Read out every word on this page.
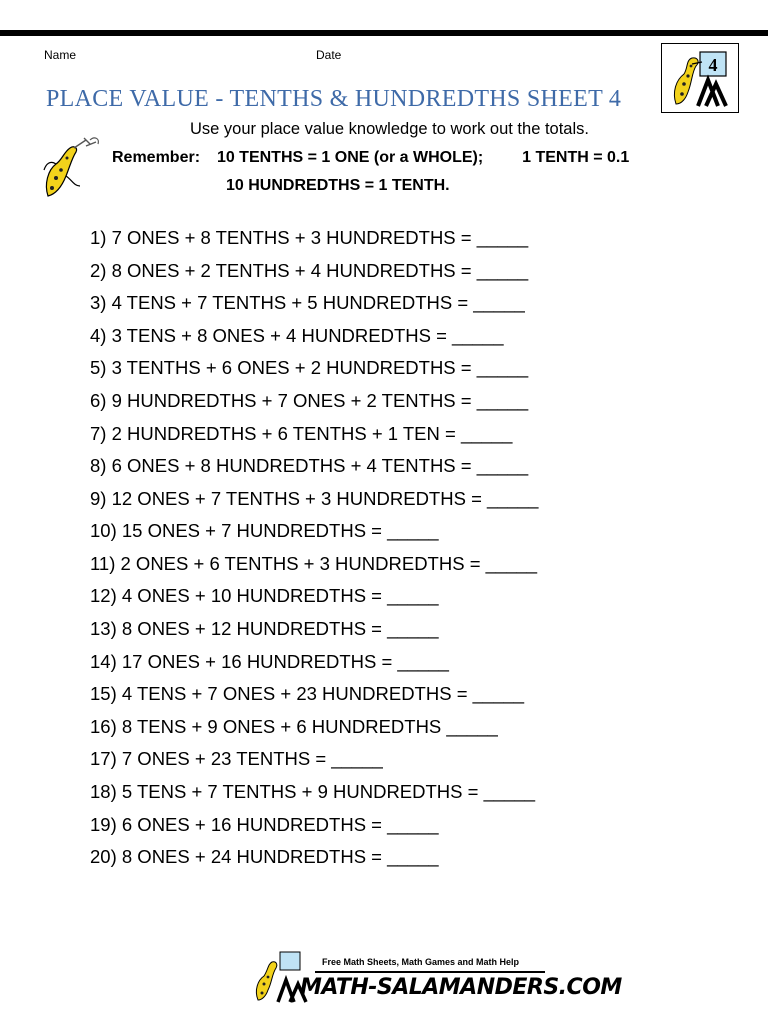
Name	Date
PLACE VALUE - TENTHS & HUNDREDTHS SHEET 4
4
Use your place value knowledge to work out the totals.
Remember: 10 TENTHS = 1 ONE (or a WHOLE); 1 TENTH = 0.1
10 HUNDREDTHS = 1 TENTH.
1) 7 ONES + 8 TENTHS + 3 HUNDREDTHS = _____
2) 8 ONES + 2 TENTHS + 4 HUNDREDTHS = _____
3) 4 TENS + 7 TENTHS + 5 HUNDREDTHS = _____
4) 3 TENS + 8 ONES + 4 HUNDREDTHS = _____
5) 3 TENTHS + 6 ONES + 2 HUNDREDTHS = _____
6) 9 HUNDREDTHS + 7 ONES + 2 TENTHS = _____
7) 2 HUNDREDTHS + 6 TENTHS + 1 TEN = _____
8) 6 ONES + 8 HUNDREDTHS + 4 TENTHS = _____
9) 12 ONES + 7 TENTHS + 3 HUNDREDTHS = _____
10) 15 ONES + 7 HUNDREDTHS = _____
11) 2 ONES + 6 TENTHS + 3 HUNDREDTHS = _____
12) 4 ONES + 10 HUNDREDTHS = _____
13) 8 ONES + 12 HUNDREDTHS = _____
14) 17 ONES + 16 HUNDREDTHS = _____
15) 4 TENS + 7 ONES + 23 HUNDREDTHS = _____
16) 8 TENS + 9 ONES + 6 HUNDREDTHS _____
17) 7 ONES + 23 TENTHS = _____
18) 5 TENS + 7 TENTHS + 9 HUNDREDTHS = _____
19) 6 ONES + 16 HUNDREDTHS = _____
20) 8 ONES + 24 HUNDREDTHS = _____
Free Math Sheets, Math Games and Math Help
MATH-SALAMANDERS.COM
